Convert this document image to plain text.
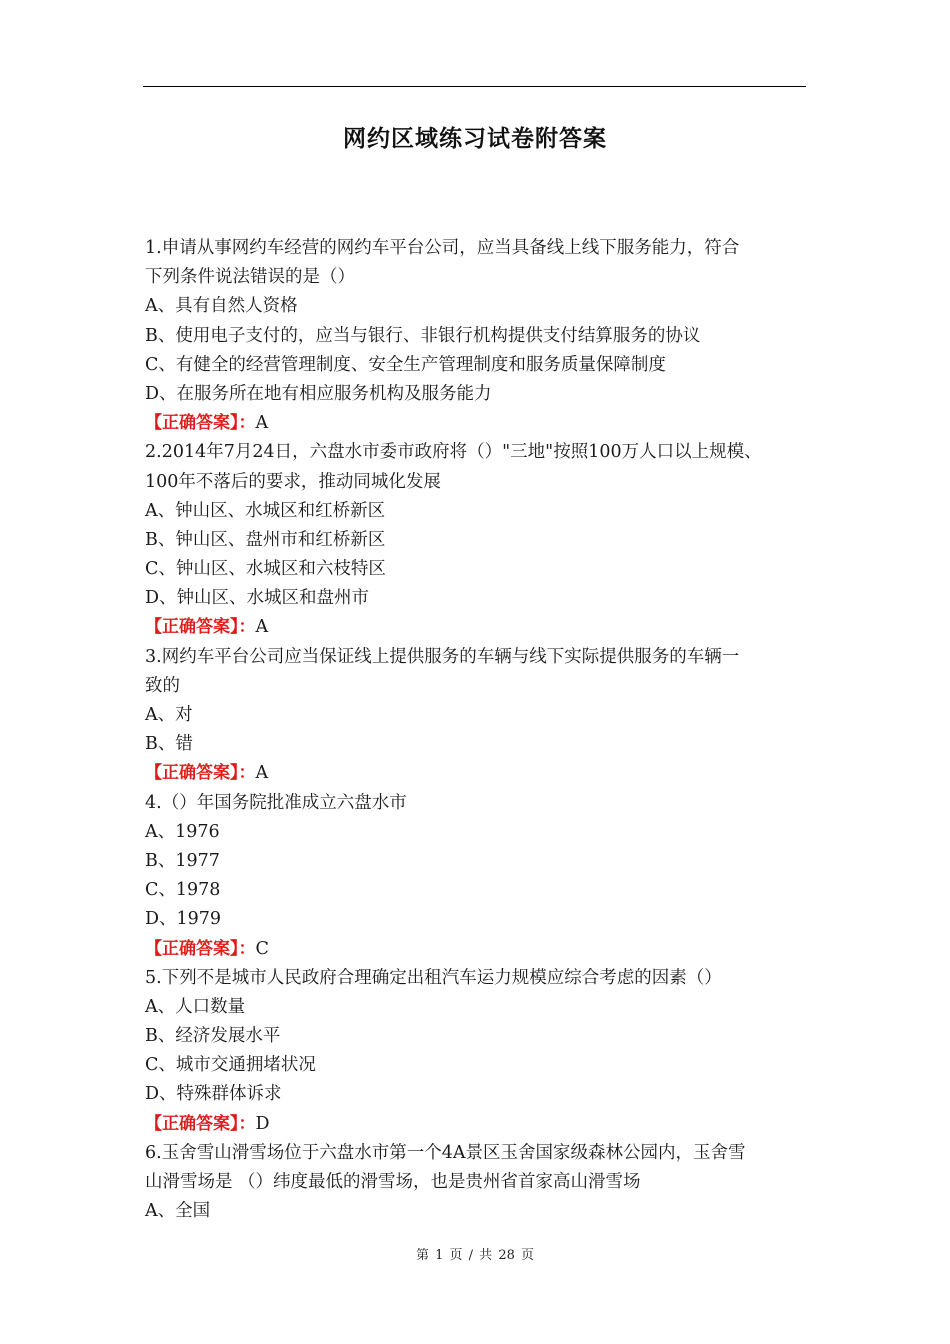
网约区域练习试卷附答案
1.申请从事网约车经营的网约车平台公司，应当具备线上线下服务能力，符合
下列条件说法错误的是（）
A、具有自然人资格
B、使用电子支付的，应当与银行、非银行机构提供支付结算服务的协议
C、有健全的经营管理制度、安全生产管理制度和服务质量保障制度
D、在服务所在地有相应服务机构及服务能力
【正确答案】：A
2.2014年7月24日，六盘水市委市政府将（）"三地"按照100万人口以上规模、
100年不落后的要求，推动同城化发展
A、钟山区、水城区和红桥新区
B、钟山区、盘州市和红桥新区
C、钟山区、水城区和六枝特区
D、钟山区、水城区和盘州市
【正确答案】：A
3.网约车平台公司应当保证线上提供服务的车辆与线下实际提供服务的车辆一
致的
A、对
B、错
【正确答案】：A
4.（）年国务院批准成立六盘水市
A、1976
B、1977
C、1978
D、1979
【正确答案】：C
5.下列不是城市人民政府合理确定出租汽车运力规模应综合考虑的因素（）
A、人口数量
B、经济发展水平
C、城市交通拥堵状况
D、特殊群体诉求
【正确答案】：D
6.玉舍雪山滑雪场位于六盘水市第一个4A景区玉舍国家级森林公园内，玉舍雪
山滑雪场是 （）纬度最低的滑雪场，也是贵州省首家高山滑雪场
A、全国
第 1 页 / 共 28 页
